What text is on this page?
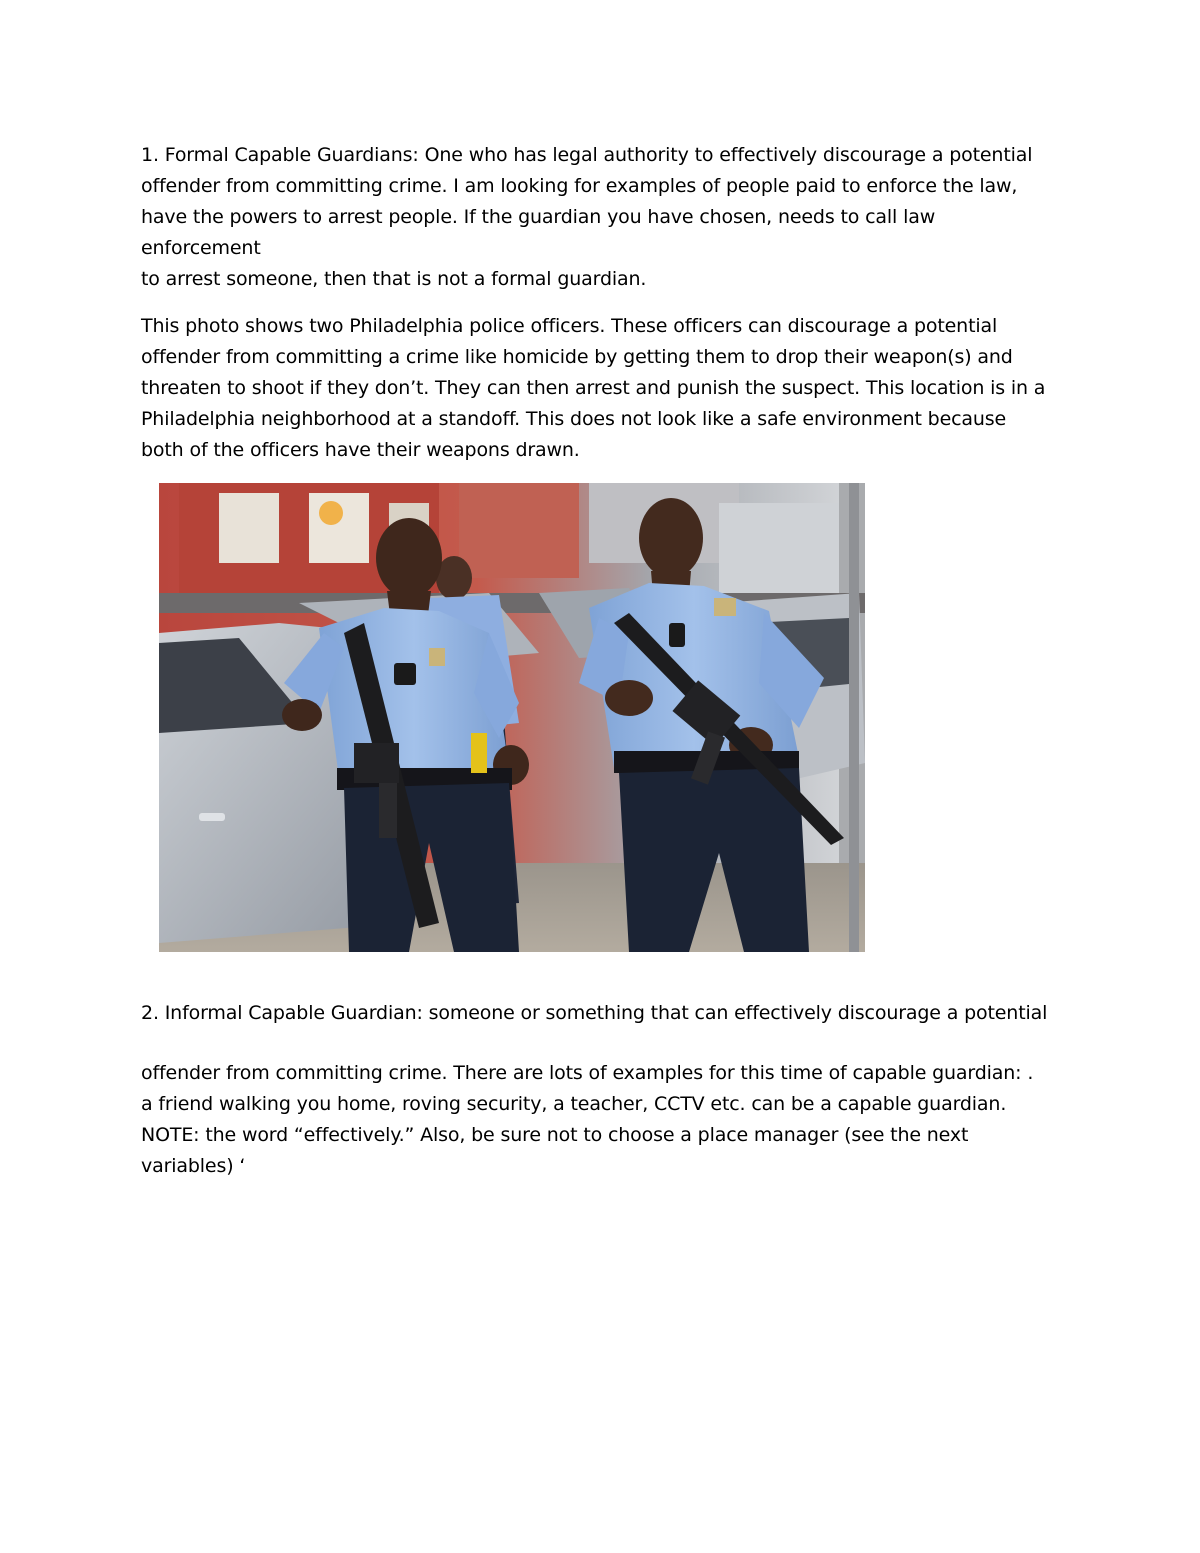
1. Formal Capable Guardians: One who has legal authority to effectively discourage a potential
offender from committing crime. I am looking for examples of people paid to enforce the law,
have the powers to arrest people. If the guardian you have chosen, needs to call law
enforcement
to arrest someone, then that is not a formal guardian.
This photo shows two Philadelphia police officers. These officers can discourage a potential
offender from committing a crime like homicide by getting them to drop their weapon(s) and
threaten to shoot if they don’t. They can then arrest and punish the suspect. This location is in a
Philadelphia neighborhood at a standoff. This does not look like a safe environment because
both of the officers have their weapons drawn.
2. Informal Capable Guardian: someone or something that can effectively discourage a potential
offender from committing crime. There are lots of examples for this time of capable guardian: .
a friend walking you home, roving security, a teacher, CCTV etc. can be a capable guardian.
NOTE: the word “effectively.” Also, be sure not to choose a place manager (see the next
variables) ‘
